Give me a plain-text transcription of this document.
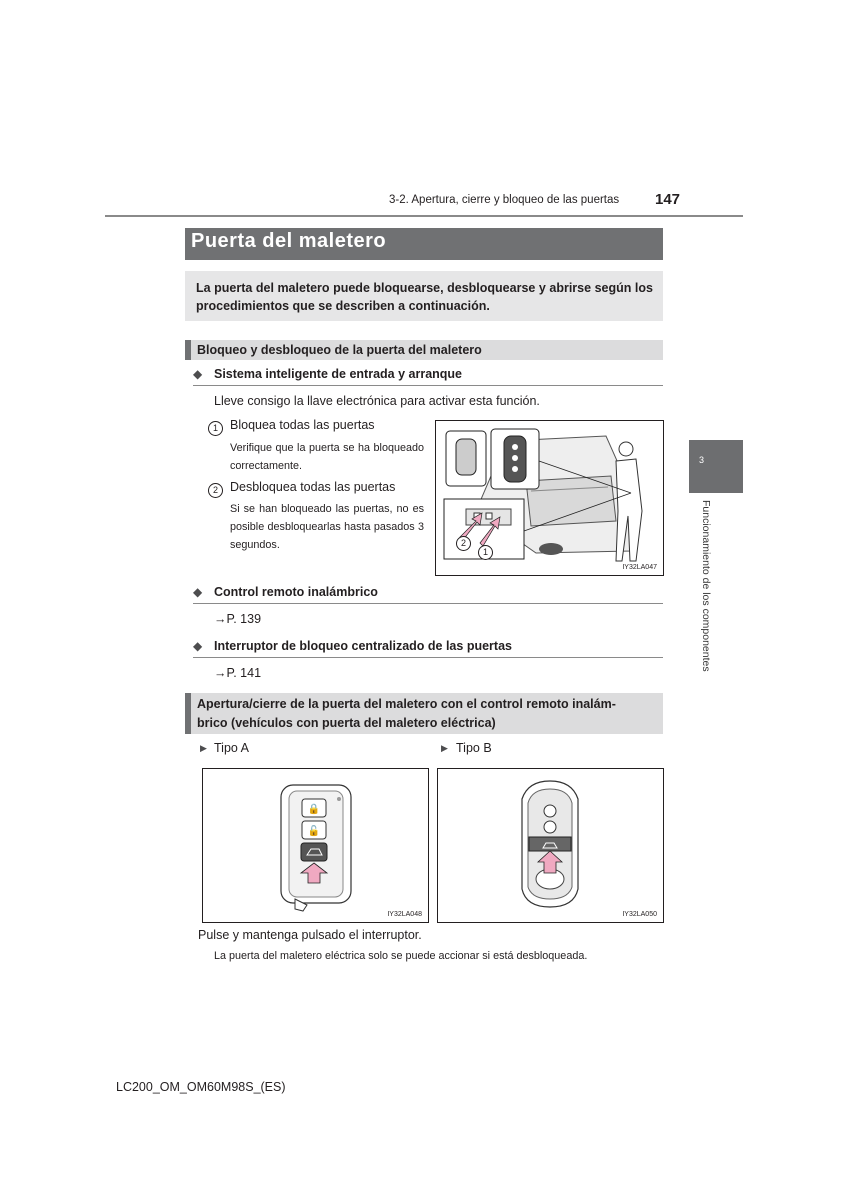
3-2. Apertura, cierre y bloqueo de las puertas 147
3
Funcionamiento de los componentes
Puerta del maletero
La puerta del maletero puede bloquearse, desbloquearse y abrirse según los procedimientos que se describen a continuación.
Bloqueo y desbloqueo de la puerta del maletero
◆ Sistema inteligente de entrada y arranque
Lleve consigo la llave electrónica para activar esta función.
1 Bloquea todas las puertas
Verifique que la puerta se ha bloqueado correctamente.
2 Desbloquea todas las puertas
Si se han bloqueado las puertas, no es posible desbloquearlas hasta pasados 3 segundos.	2
1
IY32LA047
◆ Control remoto inalámbrico
→P. 139
◆ Interruptor de bloqueo centralizado de las puertas
→P. 141
Apertura/cierre de la puerta del maletero con el control remoto inalám-
brico (vehículos con puerta del maletero eléctrica)
▶ Tipo A	▶ Tipo B
🔒
🔓
IY32LA048	IY32LA050
Pulse y mantenga pulsado el interruptor.
La puerta del maletero eléctrica solo se puede accionar si está desbloqueada.
LC200_OM_OM60M98S_(ES)
